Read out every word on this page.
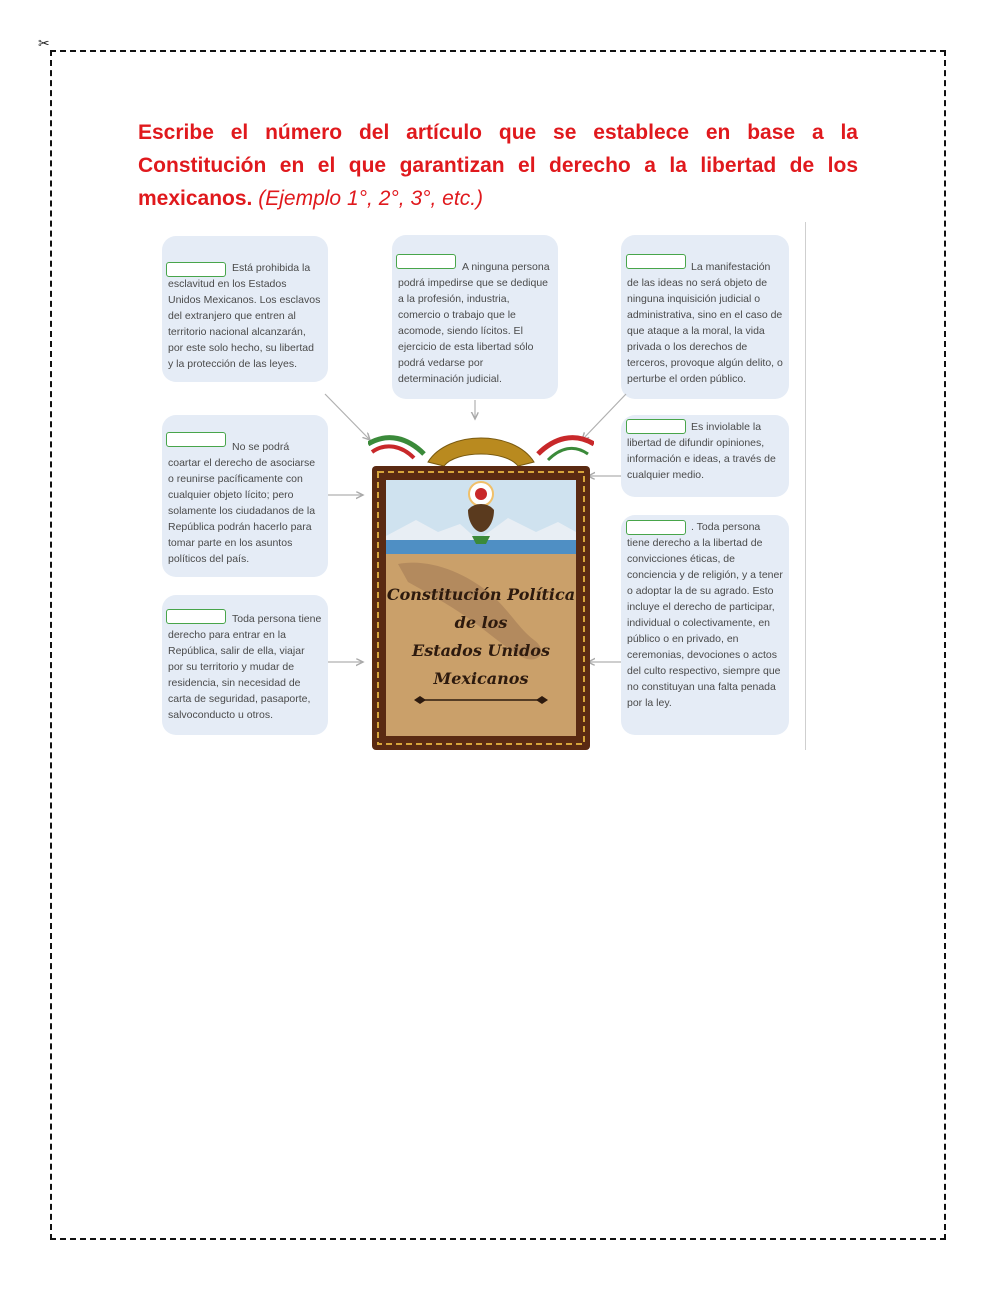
✂
Escribe el número del artículo que se establece en base a la Constitución en el que garantizan el derecho a la libertad de los mexicanos. (Ejemplo 1°, 2°, 3°, etc.)
Está prohibida la esclavitud en los Estados Unidos Mexicanos. Los esclavos del extranjero que entren al territorio nacional alcanzarán, por este solo hecho, su libertad y la protección de las leyes.
A ninguna persona podrá impedirse que se dedique a la profesión, industria, comercio o trabajo que le acomode, siendo lícitos. El ejercicio de esta libertad sólo podrá vedarse por determinación judicial.
La manifestación de las ideas no será objeto de ninguna inquisición judicial o administrativa, sino en el caso de que ataque a la moral, la vida privada o los derechos de terceros, provoque algún delito, o perturbe el orden público.
No se podrá coartar el derecho de asociarse o reunirse pacíficamente con cualquier objeto lícito; pero solamente los ciudadanos de la República podrán hacerlo para tomar parte en los asuntos políticos del país.
Es inviolable la libertad de difundir opiniones, información e ideas, a través de cualquier medio.
Toda persona tiene derecho para entrar en la República, salir de ella, viajar por su territorio y mudar de residencia, sin necesidad de carta de seguridad, pasaporte, salvoconducto u otros.
. Toda persona tiene derecho a la libertad de convicciones éticas, de conciencia y de religión, y a tener o adoptar la de su agrado. Esto incluye el derecho de participar, individual o colectivamente, en público o en privado, en ceremonias, devociones o actos del culto respectivo, siempre que no constituyan una falta penada por la ley.
Constitución Política
de los
Estados Unidos
Mexicanos
